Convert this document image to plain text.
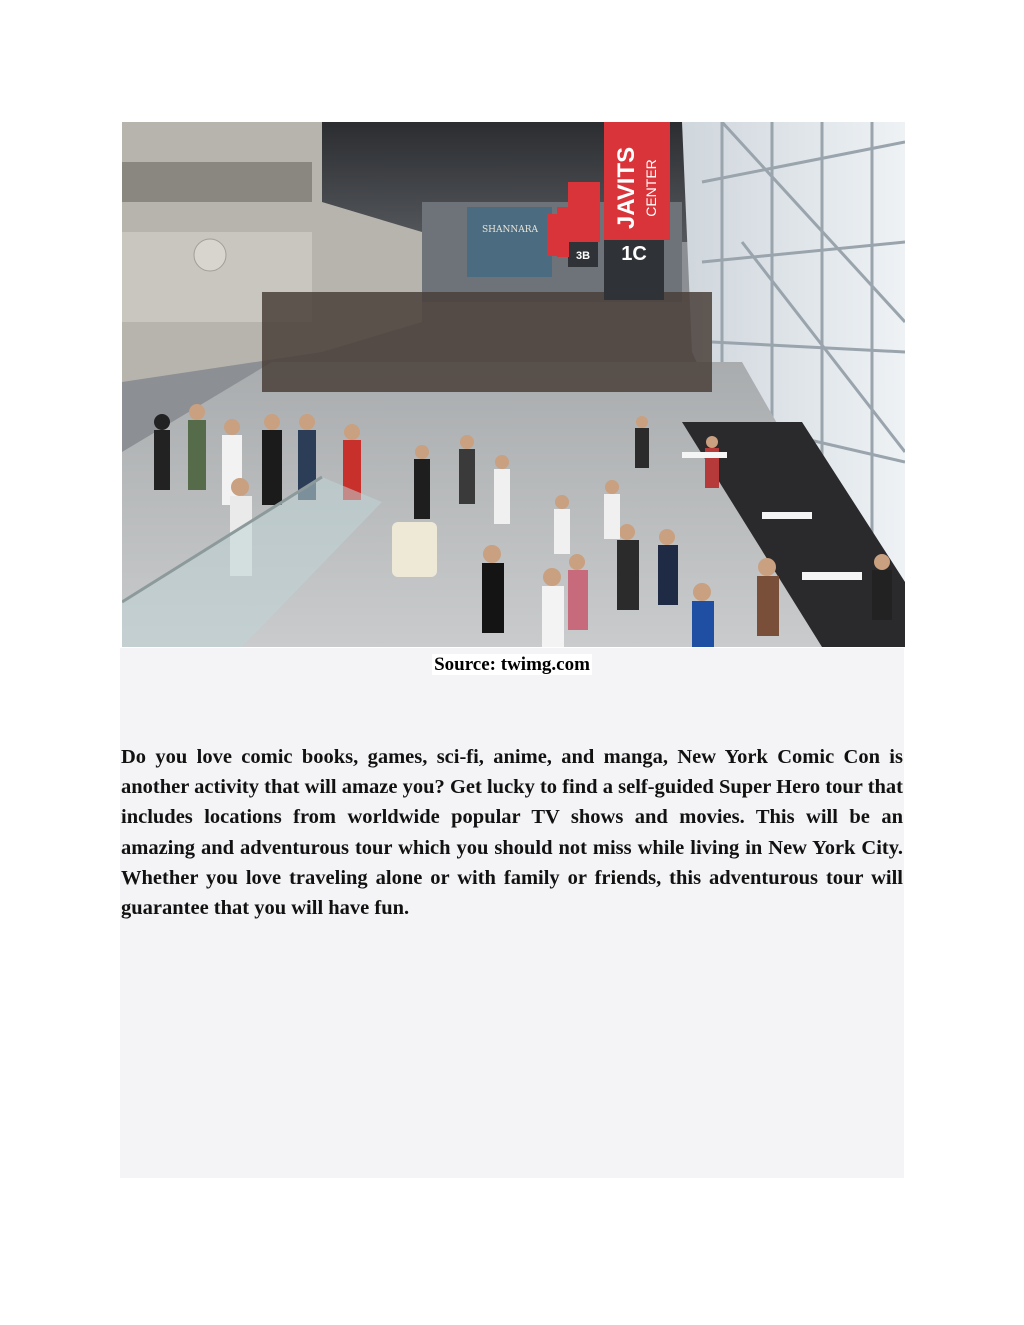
SHANNARA
JAVITS CENTER
1C
3B
Source: twimg.com

Do you love comic books, games, sci-fi, anime, and manga, New York Comic Con is another activity that will amaze you? Get lucky to find a self-guided Super Hero tour that includes locations from worldwide popular TV shows and movies. This will be an amazing and adventurous tour which you should not miss while living in New York City. Whether you love traveling alone or with family or friends, this adventurous tour will guarantee that you will have fun.
